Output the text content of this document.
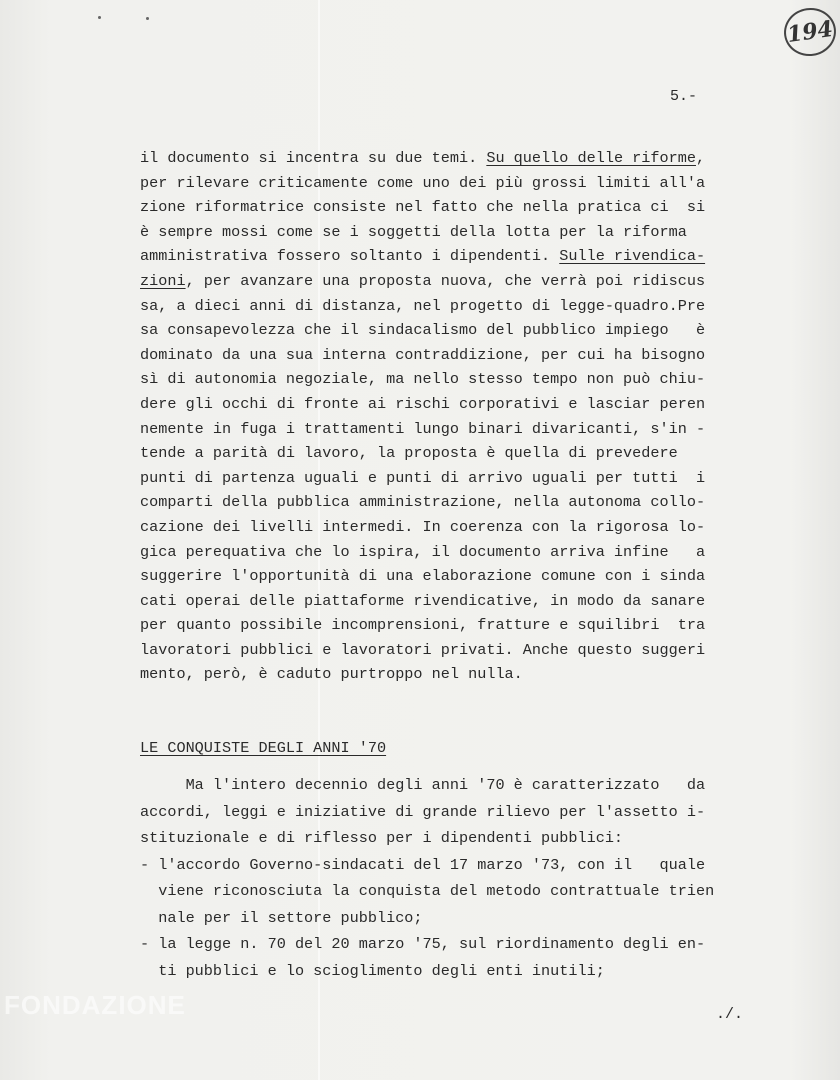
194
5.-
il documento si incentra su due temi. Su quello delle riforme,
per rilevare criticamente come uno dei più grossi limiti all'a
zione riformatrice consiste nel fatto che nella pratica ci  si
è sempre mossi come se i soggetti della lotta per la riforma
amministrativa fossero soltanto i dipendenti. Sulle rivendica-
zioni, per avanzare una proposta nuova, che verrà poi ridiscus
sa, a dieci anni di distanza, nel progetto di legge-quadro.Pre
sa consapevolezza che il sindacalismo del pubblico impiego   è
dominato da una sua interna contraddizione, per cui ha bisogno
sì di autonomia negoziale, ma nello stesso tempo non può chiu-
dere gli occhi di fronte ai rischi corporativi e lasciar peren
nemente in fuga i trattamenti lungo binari divaricanti, s'in -
tende a parità di lavoro, la proposta è quella di prevedere
punti di partenza uguali e punti di arrivo uguali per tutti  i
comparti della pubblica amministrazione, nella autonoma collo-
cazione dei livelli intermedi. In coerenza con la rigorosa lo-
gica perequativa che lo ispira, il documento arriva infine   a
suggerire l'opportunità di una elaborazione comune con i sinda
cati operai delle piattaforme rivendicative, in modo da sanare
per quanto possibile incomprensioni, fratture e squilibri  tra
lavoratori pubblici e lavoratori privati. Anche questo suggeri
mento, però, è caduto purtroppo nel nulla.
LE CONQUISTE DEGLI ANNI '70
Ma l'intero decennio degli anni '70 è caratterizzato   da
accordi, leggi e iniziative di grande rilievo per l'assetto i-
stituzionale e di riflesso per i dipendenti pubblici:
- l'accordo Governo-sindacati del 17 marzo '73, con il   quale
viene riconosciuta la conquista del metodo contrattuale trien
nale per il settore pubblico;
- la legge n. 70 del 20 marzo '75, sul riordinamento degli en-
ti pubblici e lo scioglimento degli enti inutili;
./.
FONDAZIONE
